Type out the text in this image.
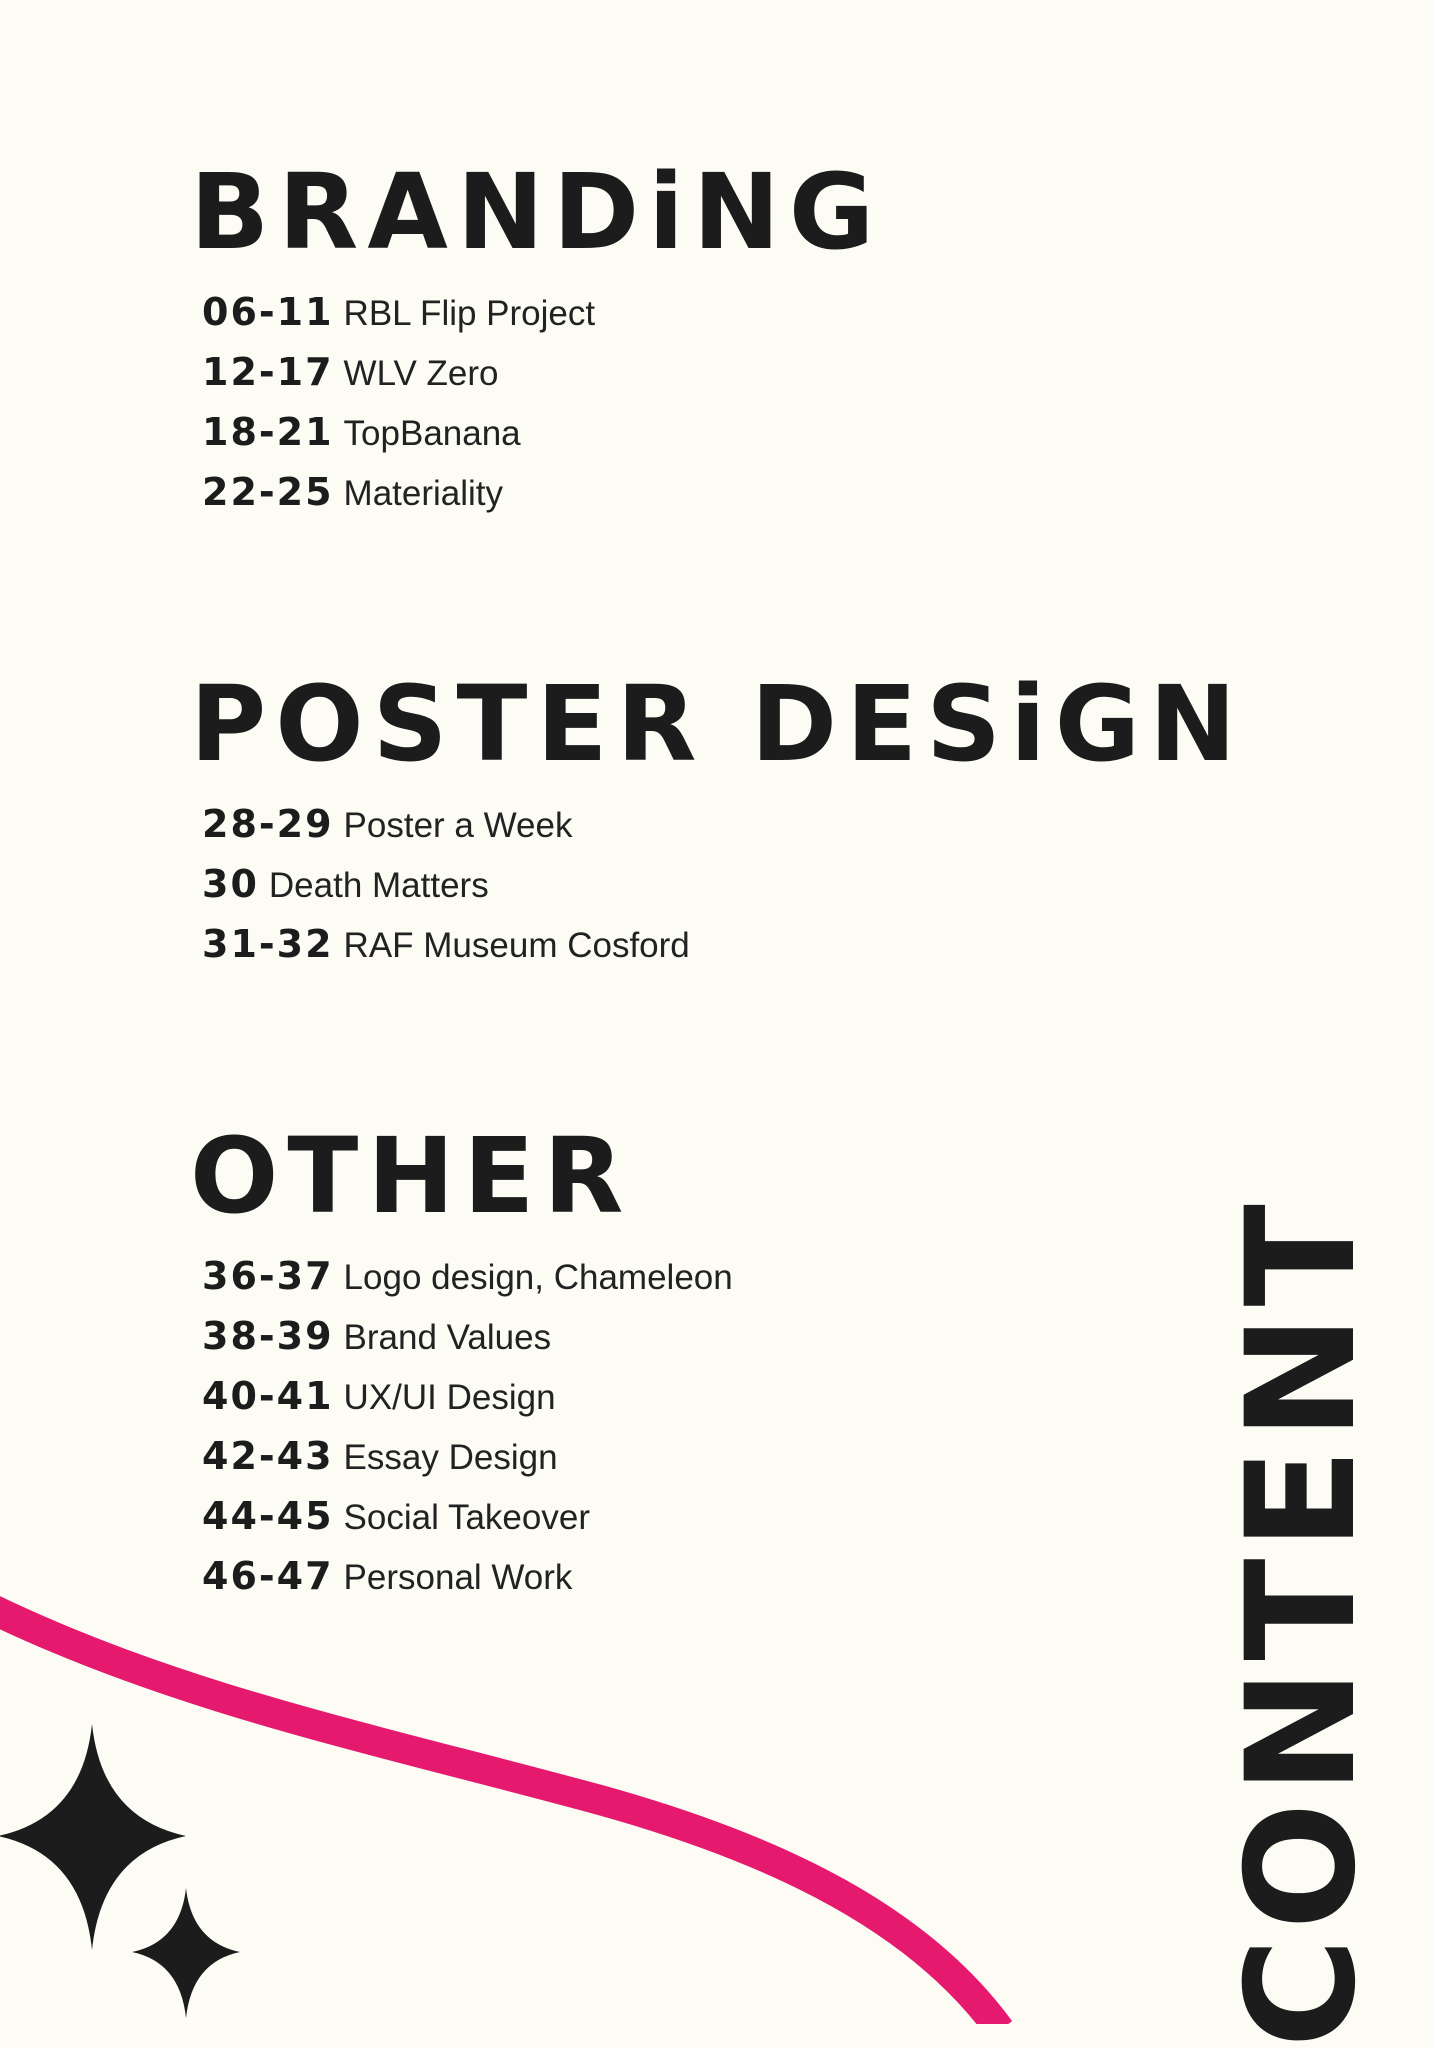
BRANDiNG
06-11 RBL Flip Project
12-17 WLV Zero
18-21 TopBanana
22-25 Materiality
POSTER DESiGN
28-29 Poster a Week
30 Death Matters
31-32 RAF Museum Cosford
OTHER
36-37 Logo design, Chameleon
38-39 Brand Values
40-41 UX/UI Design
42-43 Essay Design
44-45 Social Takeover
46-47 Personal Work	CONTENT
